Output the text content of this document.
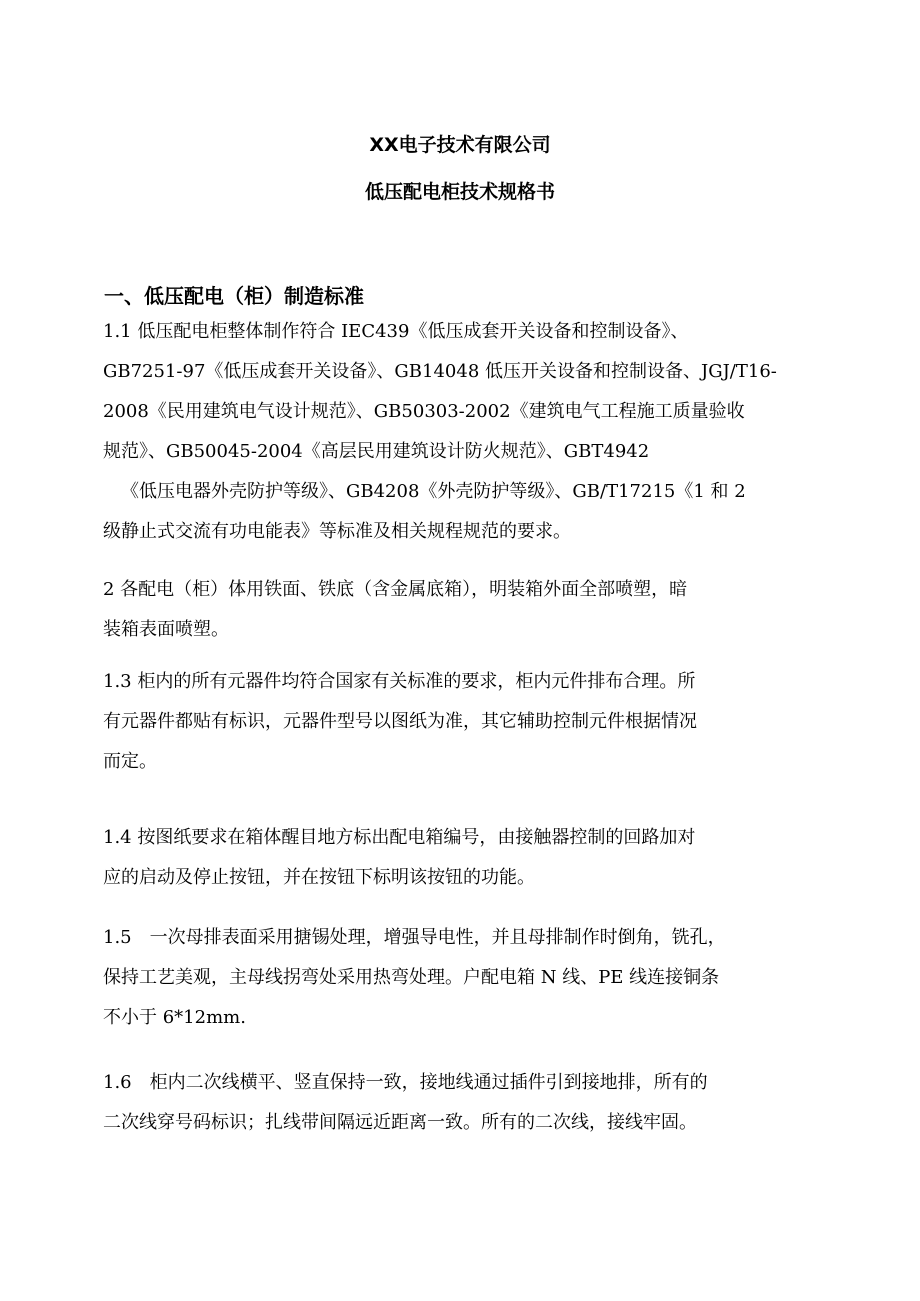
XX电子技术有限公司
低压配电柜技术规格书
一、低压配电（柜）制造标准
1.1 低压配电柜整体制作符合 IEC439《低压成套开关设备和控制设备》、
GB7251-97《低压成套开关设备》、GB14048 低压开关设备和控制设备、JGJ/T16-
2008《民用建筑电气设计规范》、GB50303-2002《建筑电气工程施工质量验收
规范》、GB50045-2004《高层民用建筑设计防火规范》、GBT4942
《低压电器外壳防护等级》、GB4208《外壳防护等级》、GB/T17215《1 和 2
级静止式交流有功电能表》等标准及相关规程规范的要求。
2 各配电（柜）体用铁面、铁底（含金属底箱），明装箱外面全部喷塑，暗
装箱表面喷塑。
1.3 柜内的所有元器件均符合国家有关标准的要求，柜内元件排布合理。所
有元器件都贴有标识，元器件型号以图纸为准，其它辅助控制元件根据情况
而定。
1.4 按图纸要求在箱体醒目地方标出配电箱编号，由接触器控制的回路加对
应的启动及停止按钮，并在按钮下标明该按钮的功能。
1.5　一次母排表面采用搪锡处理，增强导电性，并且母排制作时倒角，铣孔，
保持工艺美观，主母线拐弯处采用热弯处理。户配电箱 N 线、PE 线连接铜条
不小于 6*12mm.
1.6　柜内二次线横平、竖直保持一致，接地线通过插件引到接地排，所有的
二次线穿号码标识；扎线带间隔远近距离一致。所有的二次线，接线牢固。
